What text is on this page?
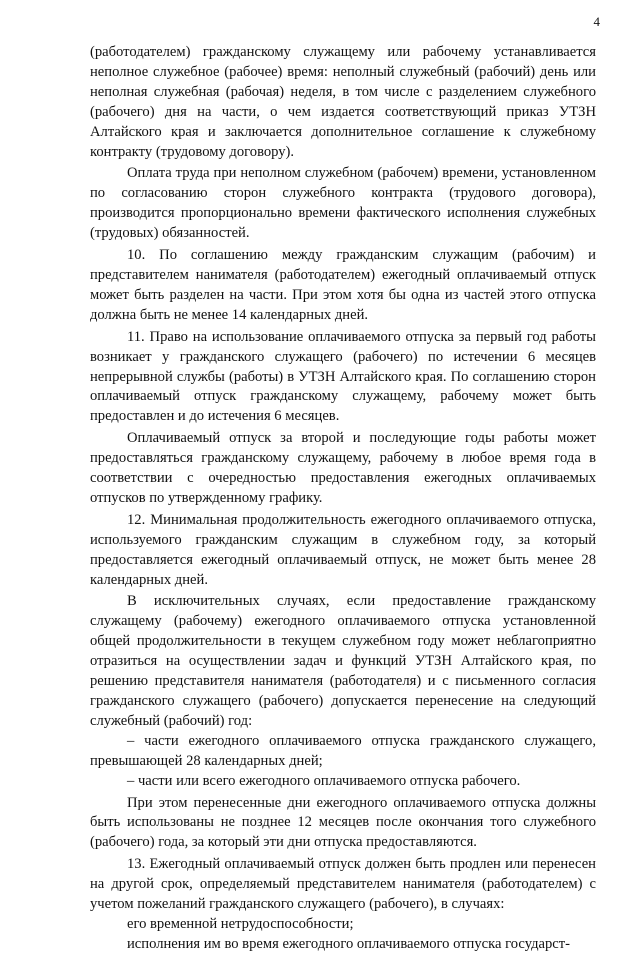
4

(работодателем) гражданскому служащему или рабочему устанавливается неполное служебное (рабочее) время: неполный служебный (рабочий) день или неполная служебная (рабочая) неделя, в том числе с разделением служебного (рабочего) дня на части, о чем издается соответствующий приказ УТЗН Алтайского края и заключается дополнительное соглашение к служебному контракту (трудовому договору).

Оплата труда при неполном служебном (рабочем) времени, установленном по согласованию сторон служебного контракта (трудового договора), производится пропорционально времени фактического исполнения служебных (трудовых) обязанностей.

10. По соглашению между гражданским служащим (рабочим) и представителем нанимателя (работодателем) ежегодный оплачиваемый отпуск может быть разделен на части. При этом хотя бы одна из частей этого отпуска должна быть не менее 14 календарных дней.

11. Право на использование оплачиваемого отпуска за первый год работы возникает у гражданского служащего (рабочего) по истечении 6 месяцев непрерывной службы (работы) в УТЗН Алтайского края. По соглашению сторон оплачиваемый отпуск гражданскому служащему, рабочему может быть предоставлен и до истечения 6 месяцев.

Оплачиваемый отпуск за второй и последующие годы работы может предоставляться гражданскому служащему, рабочему в любое время года в соответствии с очередностью предоставления ежегодных оплачиваемых отпусков по утвержденному графику.

12. Минимальная продолжительность ежегодного оплачиваемого отпуска, используемого гражданским служащим в служебном году, за который предоставляется ежегодный оплачиваемый отпуск, не может быть менее 28 календарных дней.

В исключительных случаях, если предоставление гражданскому служащему (рабочему) ежегодного оплачиваемого отпуска установленной общей продолжительности в текущем служебном году может неблагоприятно отразиться на осуществлении задач и функций УТЗН Алтайского края, по решению представителя нанимателя (работодателя) и с письменного согласия гражданского служащего (рабочего) допускается перенесение на следующий служебный (рабочий) год:

– части ежегодного оплачиваемого отпуска гражданского служащего, превышающей 28 календарных дней;

– части или всего ежегодного оплачиваемого отпуска рабочего.

При этом перенесенные дни ежегодного оплачиваемого отпуска должны быть использованы не позднее 12 месяцев после окончания того служебного (рабочего) года, за который эти дни отпуска предоставляются.

13. Ежегодный оплачиваемый отпуск должен быть продлен или перенесен на другой срок, определяемый представителем нанимателя (работодателем) с учетом пожеланий гражданского служащего (рабочего), в случаях:

его временной нетрудоспособности;

исполнения им во время ежегодного оплачиваемого отпуска государст-
